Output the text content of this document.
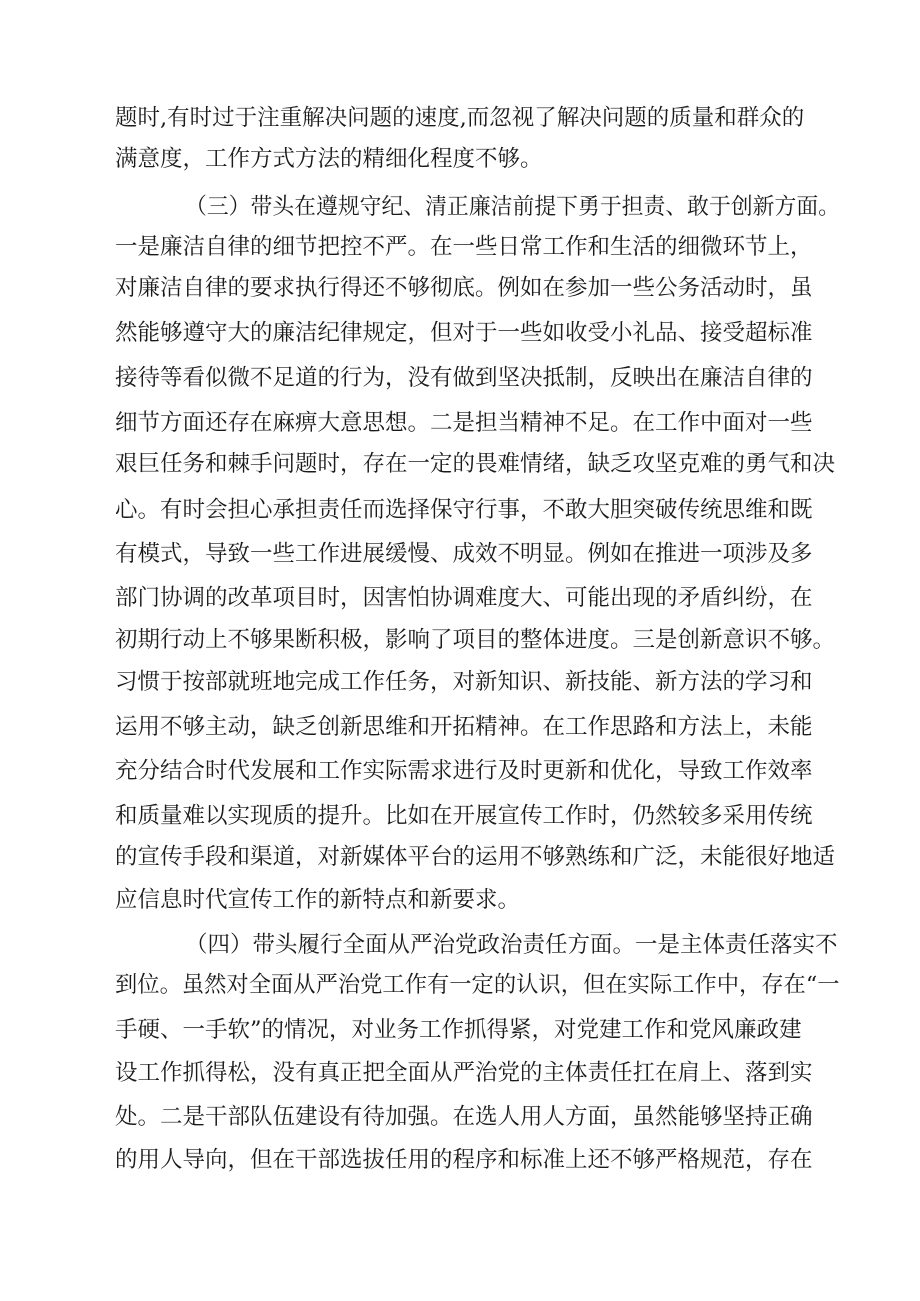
题时,有时过于注重解决问题的速度,而忽视了解决问题的质量和群众的
满意度，工作方式方法的精细化程度不够。
（三）带头在遵规守纪、清正廉洁前提下勇于担责、敢于创新方面。
一是廉洁自律的细节把控不严。在一些日常工作和生活的细微环节上，
对廉洁自律的要求执行得还不够彻底。例如在参加一些公务活动时，虽
然能够遵守大的廉洁纪律规定，但对于一些如收受小礼品、接受超标准
接待等看似微不足道的行为，没有做到坚决抵制，反映出在廉洁自律的
细节方面还存在麻痹大意思想。二是担当精神不足。在工作中面对一些
艰巨任务和棘手问题时，存在一定的畏难情绪，缺乏攻坚克难的勇气和决
心。有时会担心承担责任而选择保守行事，不敢大胆突破传统思维和既
有模式，导致一些工作进展缓慢、成效不明显。例如在推进一项涉及多
部门协调的改革项目时，因害怕协调难度大、可能出现的矛盾纠纷，在
初期行动上不够果断积极，影响了项目的整体进度。三是创新意识不够。
习惯于按部就班地完成工作任务，对新知识、新技能、新方法的学习和
运用不够主动，缺乏创新思维和开拓精神。在工作思路和方法上，未能
充分结合时代发展和工作实际需求进行及时更新和优化，导致工作效率
和质量难以实现质的提升。比如在开展宣传工作时，仍然较多采用传统
的宣传手段和渠道，对新媒体平台的运用不够熟练和广泛，未能很好地适
应信息时代宣传工作的新特点和新要求。
（四）带头履行全面从严治党政治责任方面。一是主体责任落实不
到位。虽然对全面从严治党工作有一定的认识，但在实际工作中，存在“一
手硬、一手软”的情况，对业务工作抓得紧，对党建工作和党风廉政建
设工作抓得松，没有真正把全面从严治党的主体责任扛在肩上、落到实
处。二是干部队伍建设有待加强。在选人用人方面，虽然能够坚持正确
的用人导向，但在干部选拔任用的程序和标准上还不够严格规范，存在
